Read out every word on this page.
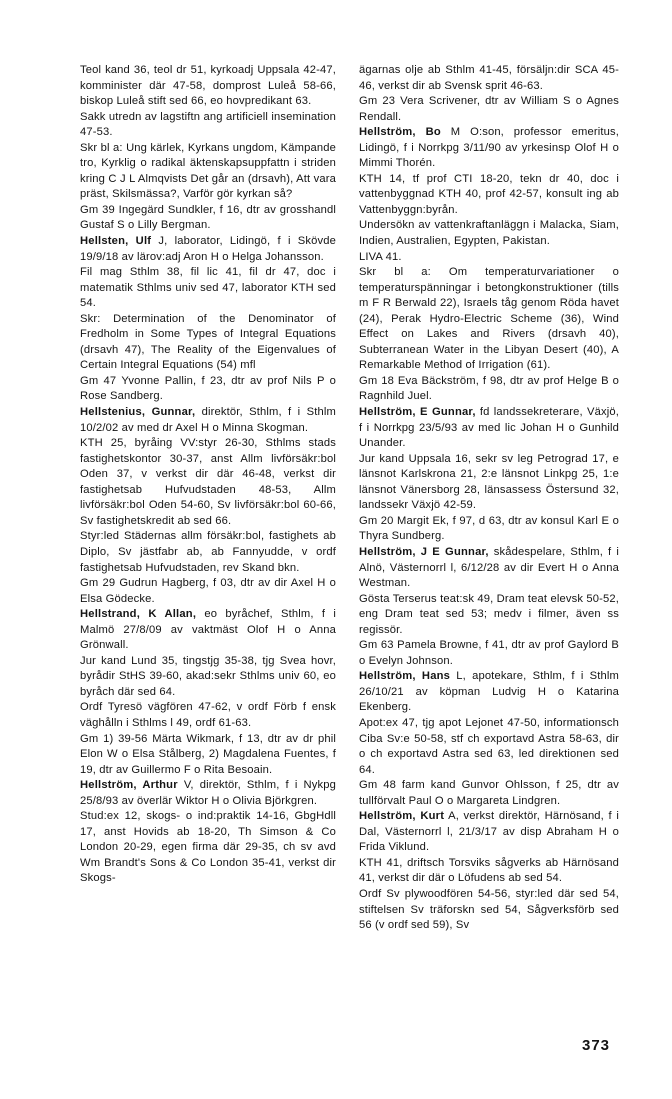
Teol kand 36, teol dr 51, kyrkoadj Uppsala 42-47, komminister där 47-58, domprost Luleå 58-66, biskop Luleå stift sed 66, eo hovpredikant 63.

Sakk utredn av lagstiftn ang artificiell insemination 47-53.

Skr bl a: Ung kärlek, Kyrkans ungdom, Kämpande tro, Kyrklig o radikal äktenskapsuppfattn i striden kring C J L Almqvists Det går an (drsavh), Att vara präst, Skilsmässa?, Varför gör kyrkan så?

Gm 39 Ingegärd Sundkler, f 16, dtr av grosshandl Gustaf S o Lilly Bergman.

Hellsten, Ulf J, laborator, Lidingö, f i Skövde 19/9/18 av lärov:adj Aron H o Helga Johansson.

Fil mag Sthlm 38, fil lic 41, fil dr 47, doc i matematik Sthlms univ sed 47, laborator KTH sed 54.

Skr: Determination of the Denominator of Fredholm in Some Types of Integral Equations (drsavh 47), The Reality of the Eigenvalues of Certain Integral Equations (54) mfl

Gm 47 Yvonne Pallin, f 23, dtr av prof Nils P o Rose Sandberg.

Hellstenius, Gunnar, direktör, Sthlm, f i Sthlm 10/2/02 av med dr Axel H o Minna Skogman.

KTH 25, byråing VV:styr 26-30, Sthlms stads fastighetskontor 30-37, anst Allm livförsäkr:bol Oden 37, v verkst dir där 46-48, verkst dir fastighetsab Hufvudstaden 48-53, Allm livförsäkr:bol Oden 54-60, Sv livförsäkr:bol 60-66, Sv fastighetskredit ab sed 66.

Styr:led Städernas allm försäkr:bol, fastighets ab Diplo, Sv jästfabr ab, ab Fannyudde, v ordf fastighetsab Hufvudstaden, rev Skand bkn.

Gm 29 Gudrun Hagberg, f 03, dtr av dir Axel H o Elsa Gödecke.

Hellstrand, K Allan, eo byråchef, Sthlm, f i Malmö 27/8/09 av vaktmäst Olof H o Anna Grönwall.

Jur kand Lund 35, tingstjg 35-38, tjg Svea hovr, byrådir StHS 39-60, akad:sekr Sthlms univ 60, eo byråch där sed 64.

Ordf Tyresö vägfören 47-62, v ordf Förb f ensk väghålln i Sthlms l 49, ordf 61-63.

Gm 1) 39-56 Märta Wikmark, f 13, dtr av dr phil Elon W o Elsa Stålberg, 2) Magdalena Fuentes, f 19, dtr av Guillermo F o Rita Besoain.

Hellström, Arthur V, direktör, Sthlm, f i Nykpg 25/8/93 av överlär Wiktor H o Olivia Björkgren.

Stud:ex 12, skogs- o ind:praktik 14-16, GbgHdll 17, anst Hovids ab 18-20, Th Simson & Co London 20-29, egen firma där 29-35, ch sv avd Wm Brandt's Sons & Co London 35-41, verkst dir Skogs-

ägarnas olje ab Sthlm 41-45, försäljn:dir SCA 45-46, verkst dir ab Svensk sprit 46-63.

Gm 23 Vera Scrivener, dtr av William S o Agnes Rendall.

Hellström, Bo M O:son, professor emeritus, Lidingö, f i Norrkpg 3/11/90 av yrkesinsp Olof H o Mimmi Thorén.

KTH 14, tf prof CTI 18-20, tekn dr 40, doc i vattenbyggnad KTH 40, prof 42-57, konsult ing ab Vattenbyggn:byrån.

Undersökn av vattenkraftanläggn i Malacka, Siam, Indien, Australien, Egypten, Pakistan.

LIVA 41.

Skr bl a: Om temperaturvariationer o temperaturspänningar i betongkonstruktioner (tills m F R Berwald 22), Israels tåg genom Röda havet (24), Perak Hydro-Electric Scheme (36), Wind Effect on Lakes and Rivers (drsavh 40), Subterranean Water in the Libyan Desert (40), A Remarkable Method of Irrigation (61).

Gm 18 Eva Bäckström, f 98, dtr av prof Helge B o Ragnhild Juel.

Hellström, E Gunnar, fd landssekreterare, Växjö, f i Norrkpg 23/5/93 av med lic Johan H o Gunhild Unander.

Jur kand Uppsala 16, sekr sv leg Petrograd 17, e länsnot Karlskrona 21, 2:e länsnot Linkpg 25, 1:e länsnot Vänersborg 28, länsassess Östersund 32, landssekr Växjö 42-59.

Gm 20 Margit Ek, f 97, d 63, dtr av konsul Karl E o Thyra Sundberg.

Hellström, J E Gunnar, skådespelare, Sthlm, f i Alnö, Västernorrl l, 6/12/28 av dir Evert H o Anna Westman.

Gösta Terserus teat:sk 49, Dram teat elevsk 50-52, eng Dram teat sed 53; medv i filmer, även ss regissör.

Gm 63 Pamela Browne, f 41, dtr av prof Gaylord B o Evelyn Johnson.

Hellström, Hans L, apotekare, Sthlm, f i Sthlm 26/10/21 av köpman Ludvig H o Katarina Ekenberg.

Apot:ex 47, tjg apot Lejonet 47-50, informationsch Ciba Sv:e 50-58, stf ch exportavd Astra 58-63, dir o ch exportavd Astra sed 63, led direktionen sed 64.

Gm 48 farm kand Gunvor Ohlsson, f 25, dtr av tullförvalt Paul O o Margareta Lindgren.

Hellström, Kurt A, verkst direktör, Härnösand, f i Dal, Västernorrl l, 21/3/17 av disp Abraham H o Frida Viklund.

KTH 41, driftsch Torsviks sågverks ab Härnösand 41, verkst dir där o Löfudens ab sed 54.

Ordf Sv plywoodfören 54-56, styr:led där sed 54, stiftelsen Sv träforskn sed 54, Sågverksförb sed 56 (v ordf sed 59), Sv

373
